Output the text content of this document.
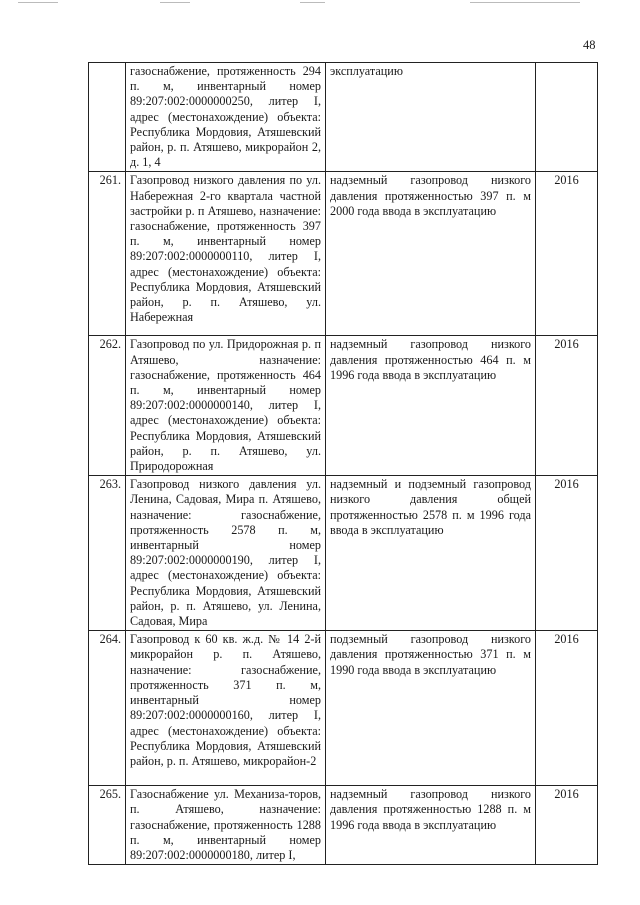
48
	газоснабжение, протяженность 294 п. м, инвентарный номер 89:207:002:0000000250, литер I, адрес (местонахождение) объекта: Республика Мордовия, Атяшевский район, р. п. Атяшево, микрорайон 2, д. 1, 4	эксплуатацию	
261.	Газопровод низкого давления по ул. Набережная 2-го квартала частной застройки р. п Атяшево, назначение: газоснабжение, протяженность 397 п. м, инвентарный номер 89:207:002:0000000110, литер I, адрес (местонахождение) объекта: Республика Мордовия, Атяшевский район, р. п. Атяшево, ул. Набережная	надземный газопровод низкого давления протяженностью 397 п. м 2000 года ввода в эксплуатацию	2016
262.	Газопровод по ул. Придорожная р. п Атяшево, назначение: газоснабжение, протяженность 464 п. м, инвентарный номер 89:207:002:0000000140, литер I, адрес (местонахождение) объекта: Республика Мордовия, Атяшевский район, р. п. Атяшево, ул. Природорожная	надземный газопровод низкого давления протяженностью 464 п. м 1996 года ввода в эксплуатацию	2016
263.	Газопровод низкого давления ул. Ленина, Садовая, Мира п. Атяшево, назначение: газоснабжение, протяженность 2578 п. м, инвентарный номер 89:207:002:0000000190, литер I, адрес (местонахождение) объекта: Республика Мордовия, Атяшевский район, р. п. Атяшево, ул. Ленина, Садовая, Мира	надземный и подземный газопровод низкого давления общей протяженностью 2578 п. м 1996 года ввода в эксплуатацию	2016
264.	Газопровод к 60 кв. ж.д. № 14 2-й микрорайон р. п. Атяшево, назначение: газоснабжение, протяженность 371 п. м, инвентарный номер 89:207:002:0000000160, литер I, адрес (местонахождение) объекта: Республика Мордовия, Атяшевский район, р. п. Атяшево, микрорайон-2	подземный газопровод низкого давления протяженностью 371 п. м 1990 года ввода в эксплуатацию	2016
265.	Газоснабжение ул. Механиза-торов, п. Атяшево, назначение: газоснабжение, протяженность 1288 п. м, инвентарный номер 89:207:002:0000000180, литер I,	надземный газопровод низкого давления протяженностью 1288 п. м 1996 года ввода в эксплуатацию	2016
